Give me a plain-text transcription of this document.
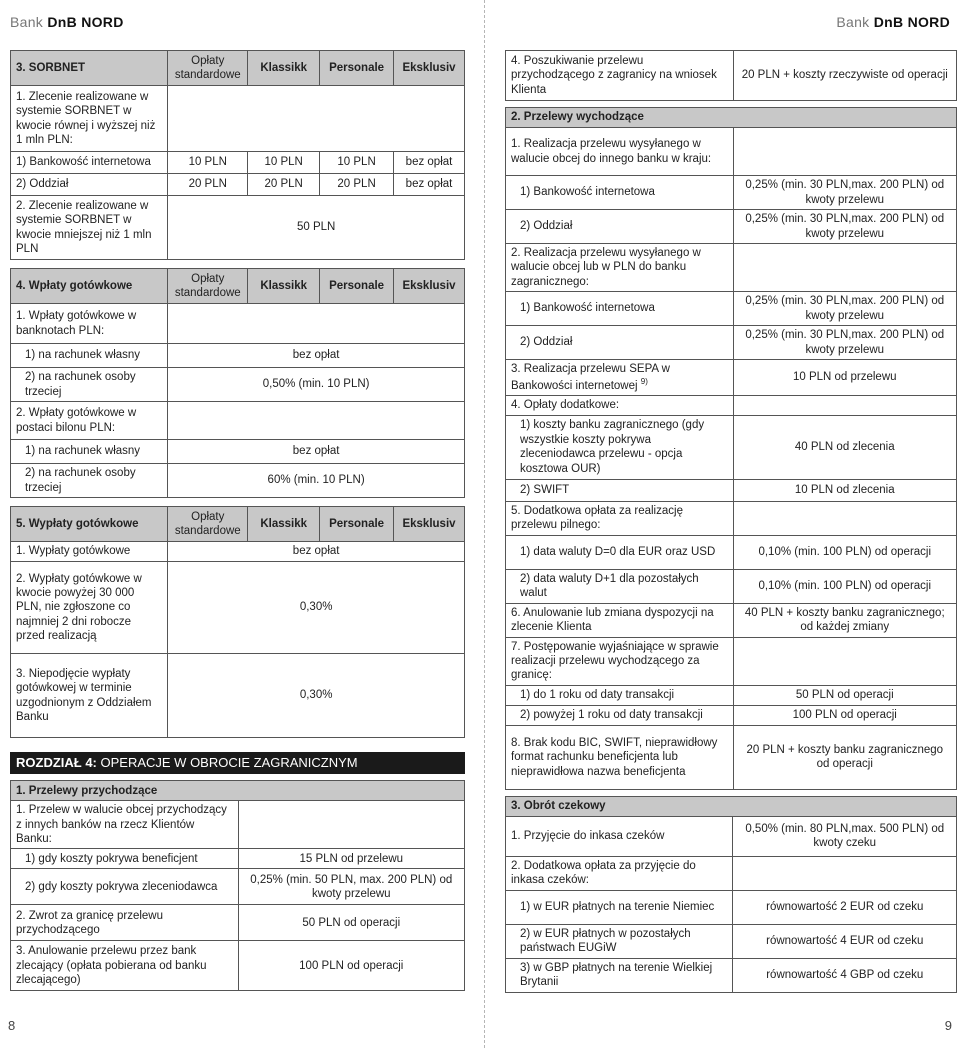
Bank DnB NORD	Bank DnB NORD
8	9
3. SORBNET	Opłaty standardowe	Klassikk	Personale	Eksklusiv
1. Zlecenie realizowane w systemie SORBNET w kwocie równej i wyższej niż 1 mln PLN:				
1) Bankowość internetowa	10 PLN	10 PLN	10 PLN	bez opłat
2) Oddział	20 PLN	20 PLN	20 PLN	bez opłat
2. Zlecenie realizowane w systemie SORBNET w kwocie mniejszej niż 1 mln PLN	50 PLN			
4. Wpłaty gotówkowe	Opłaty standardowe	Klassikk	Personale	Eksklusiv
1. Wpłaty gotówkowe w banknotach PLN:				
1) na rachunek własny	bez opłat			
2) na rachunek osoby trzeciej	0,50% (min. 10 PLN)			
2. Wpłaty gotówkowe w postaci bilonu PLN:				
1) na rachunek własny	bez opłat			
2) na rachunek osoby trzeciej	60% (min. 10 PLN)			
5. Wypłaty gotówkowe	Opłaty standardowe	Klassikk	Personale	Eksklusiv
1. Wypłaty gotówkowe	bez opłat			
2. Wypłaty gotówkowe w kwocie powyżej 30 000 PLN, nie zgłoszone co najmniej 2 dni robocze przed realizacją	0,30%			
3. Niepodjęcie wypłaty gotówkowej w terminie uzgodnionym z Oddziałem Banku	0,30%			
ROZDZIAŁ 4: OPERACJE W OBROCIE ZAGRANICZNYM
1. Przelewy przychodzące	
1. Przelew w walucie obcej przychodzący z innych banków na rzecz Klientów Banku:	
1) gdy koszty pokrywa beneficjent	15 PLN od przelewu
2) gdy koszty pokrywa zleceniodawca	0,25% (min. 50 PLN, max. 200 PLN) od kwoty przelewu
2. Zwrot za granicę przelewu przychodzącego	50 PLN od operacji
3. Anulowanie przelewu przez bank zlecający (opłata pobierana od banku zlecającego)	100 PLN od operacji
4. Poszukiwanie przelewu przychodzącego z zagranicy na wniosek Klienta	20 PLN + koszty rzeczywiste od operacji
2. Przelewy wychodzące	
1. Realizacja przelewu wysyłanego w walucie obcej do innego banku w kraju:	
1) Bankowość internetowa	0,25% (min. 30 PLN,max. 200 PLN) od kwoty przelewu
2) Oddział	0,25% (min. 30 PLN,max. 200 PLN) od kwoty przelewu
2. Realizacja przelewu wysyłanego w walucie obcej lub w PLN do banku zagranicznego:	
1) Bankowość internetowa	0,25% (min. 30 PLN,max. 200 PLN) od kwoty przelewu
2) Oddział	0,25% (min. 30 PLN,max. 200 PLN) od kwoty przelewu
3. Realizacja przelewu SEPA w Bankowości internetowej $^{9)}$	10 PLN od przelewu
4. Opłaty dodatkowe:	
1) koszty banku zagranicznego (gdy wszystkie koszty pokrywa zleceniodawca przelewu - opcja kosztowa OUR)	40 PLN od zlecenia
2) SWIFT	10 PLN od zlecenia
5. Dodatkowa opłata za realizację przelewu pilnego:	
1) data waluty D=0 dla EUR oraz USD	0,10% (min. 100 PLN) od operacji
2) data waluty D+1 dla pozostałych walut	0,10% (min. 100 PLN) od operacji
6. Anulowanie lub zmiana dyspozycji na zlecenie Klienta	40 PLN + koszty banku zagranicznego; od każdej zmiany
7. Postępowanie wyjaśniające w sprawie realizacji przelewu wychodzącego za granicę:	
1) do 1 roku od daty transakcji	50 PLN od operacji
2) powyżej 1 roku od daty transakcji	100 PLN od operacji
8. Brak kodu BIC, SWIFT, nieprawidłowy format rachunku beneficjenta lub nieprawidłowa nazwa beneficjenta	20 PLN + koszty banku zagranicznego od operacji
3. Obrót czekowy	
1. Przyjęcie do inkasa czeków	0,50% (min. 80 PLN,max. 500 PLN) od kwoty czeku
2. Dodatkowa opłata za przyjęcie do inkasa czeków:	
1) w EUR płatnych na terenie Niemiec	równowartość 2 EUR od czeku
2) w EUR płatnych w pozostałych państwach EUGiW	równowartość 4 EUR od czeku
3) w GBP płatnych na terenie Wielkiej Brytanii	równowartość 4 GBP od czeku
